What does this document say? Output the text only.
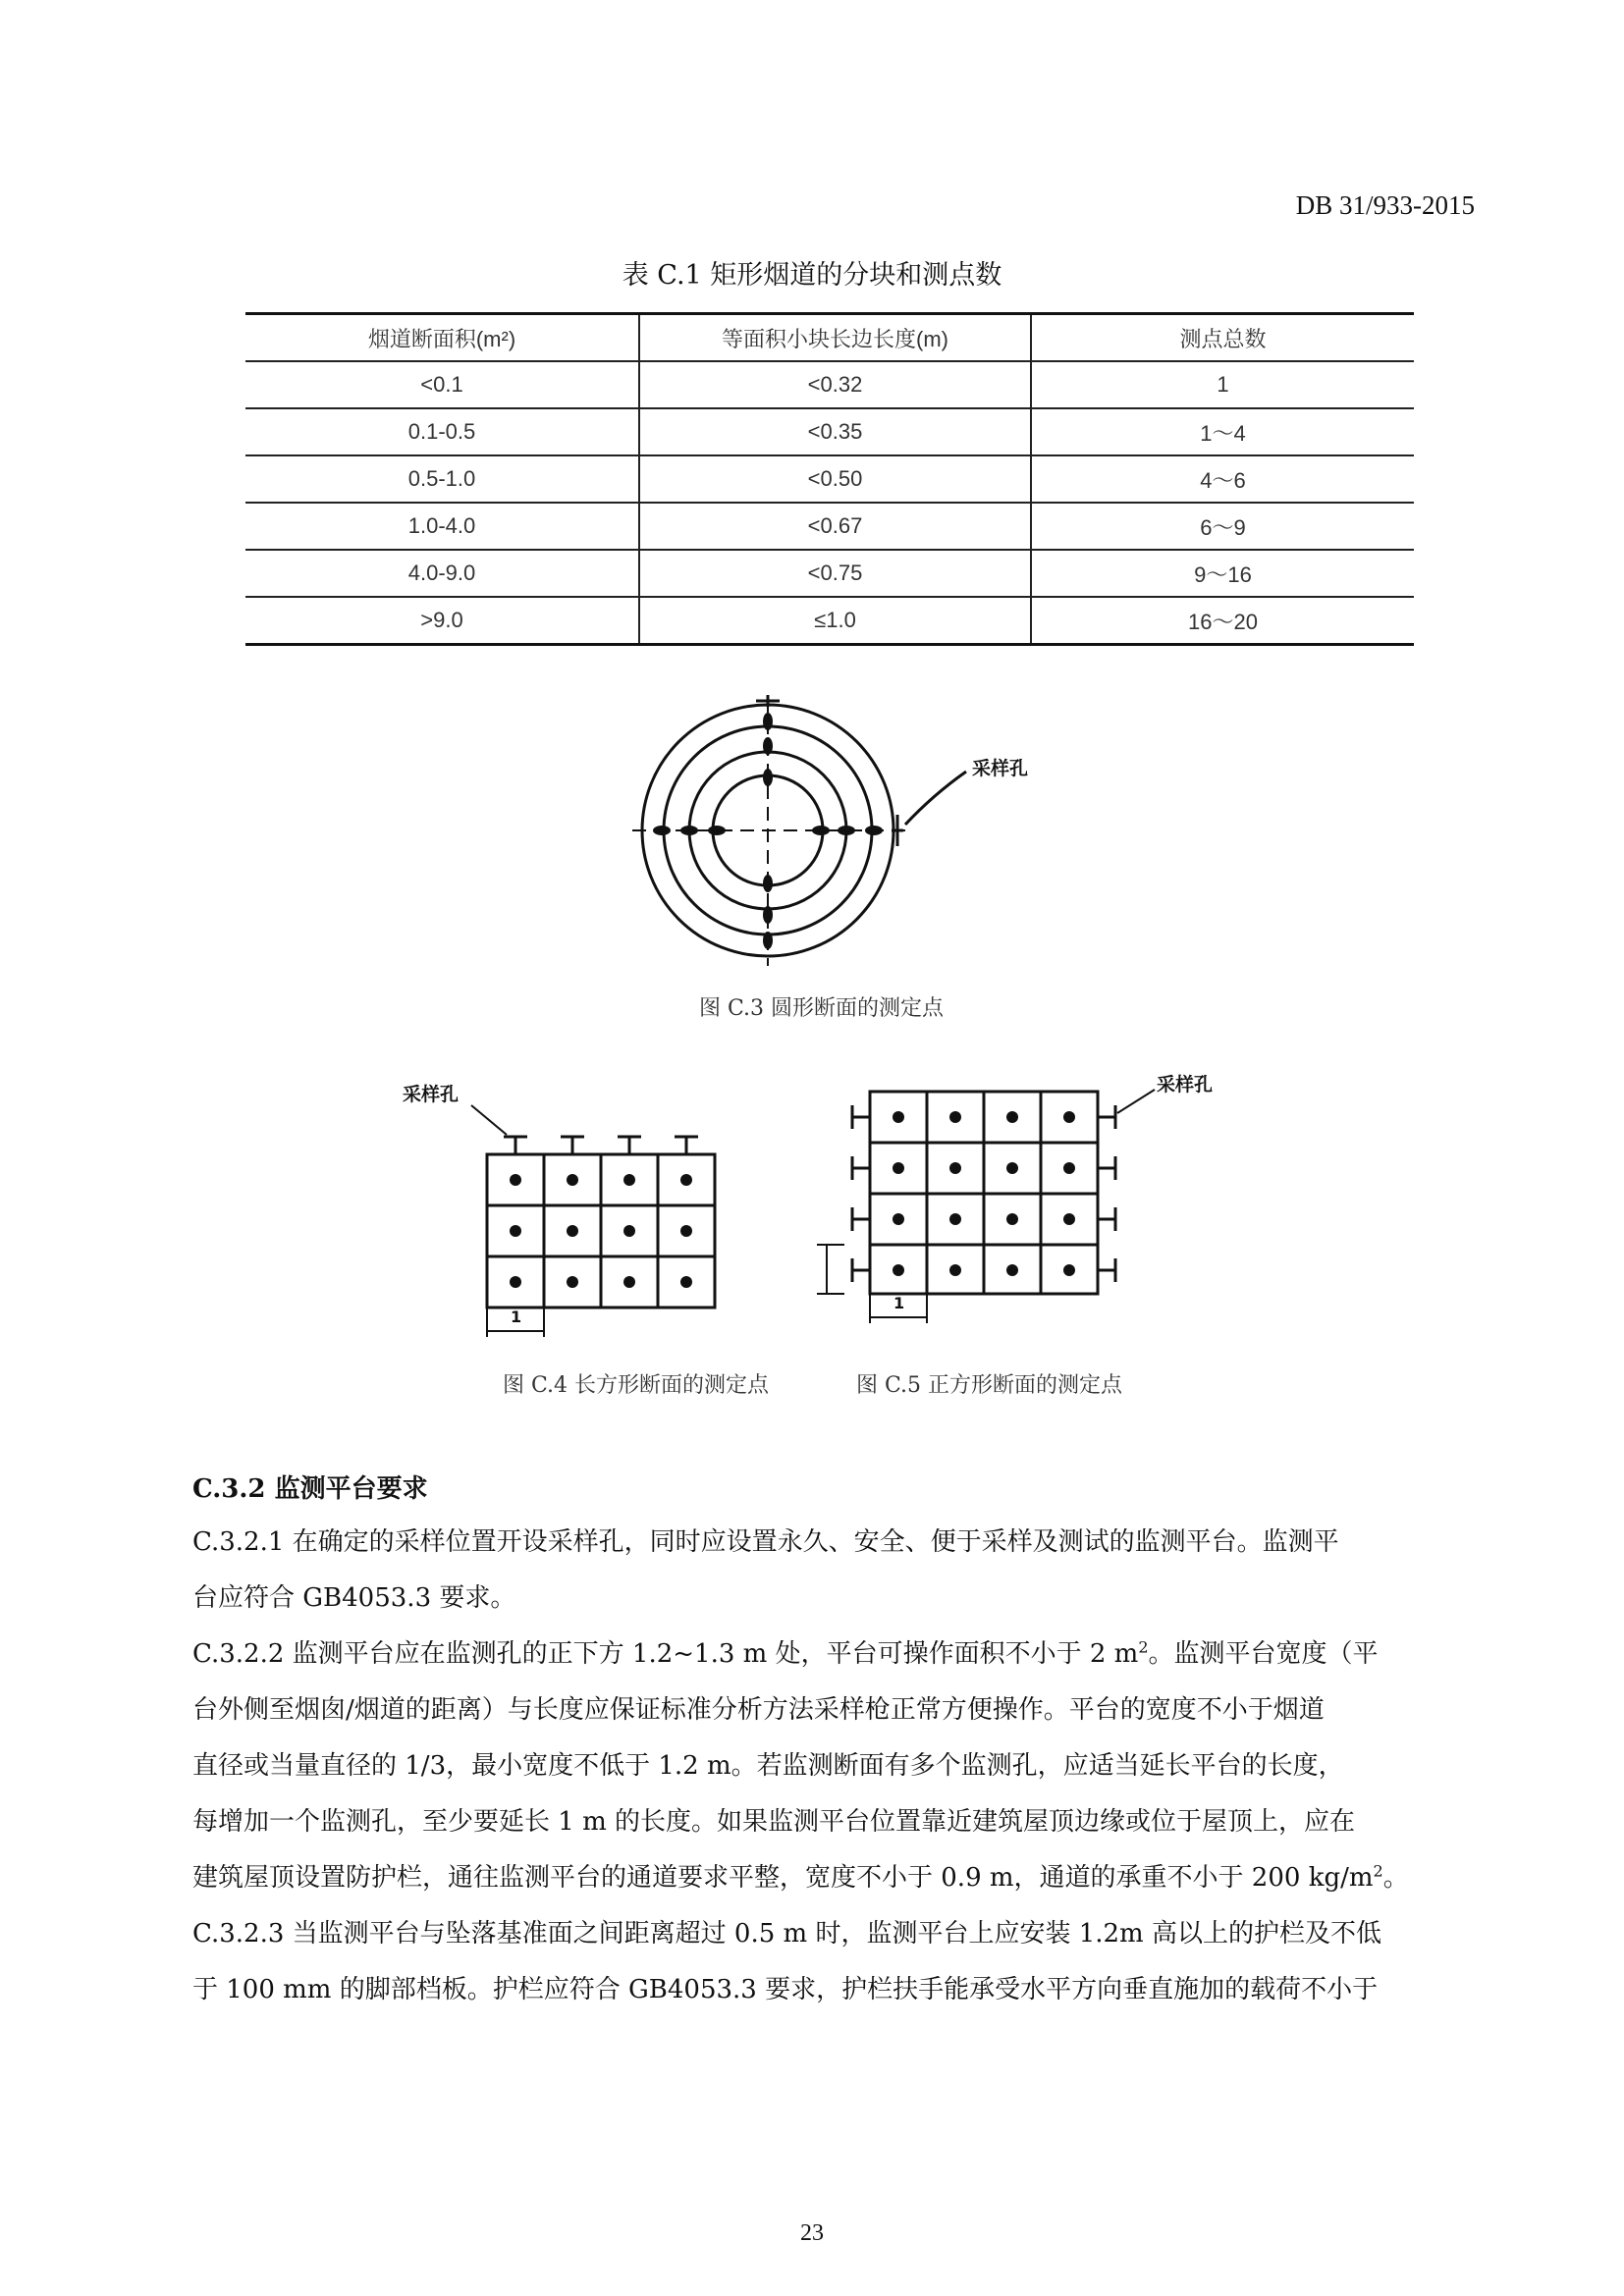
DB 31/933-2015
表 C.1 矩形烟道的分块和测点数
烟道断面积(m²)	等面积小块长边长度(m)	测点总数
<0.1	<0.32	1
0.1-0.5	<0.35	1～4
0.5-1.0	<0.50	4～6
1.0-4.0	<0.67	6～9
4.0-9.0	<0.75	9～16
>9.0	≤1.0	16～20
采样孔
图 C.3 圆形断面的测定点
采样孔
1
采样孔
1
图 C.4 长方形断面的测定点	图 C.5 正方形断面的测定点
C.3.2 监测平台要求
C.3.2.1 在确定的采样位置开设采样孔，同时应设置永久、安全、便于采样及测试的监测平台。监测平
台应符合 GB4053.3 要求。
C.3.2.2 监测平台应在监测孔的正下方 1.2~1.3 m 处，平台可操作面积不小于 2 $m^2$。监测平台宽度（平
台外侧至烟囱/烟道的距离）与长度应保证标准分析方法采样枪正常方便操作。平台的宽度不小于烟道
直径或当量直径的 1/3，最小宽度不低于 1.2 m。若监测断面有多个监测孔，应适当延长平台的长度，
每增加一个监测孔，至少要延长 1 m 的长度。如果监测平台位置靠近建筑屋顶边缘或位于屋顶上，应在
建筑屋顶设置防护栏，通往监测平台的通道要求平整，宽度不小于 0.9 m，通道的承重不小于 200 $kg/m^2$。
C.3.2.3 当监测平台与坠落基准面之间距离超过 0.5 m 时，监测平台上应安装 1.2m 高以上的护栏及不低
于 100 mm 的脚部档板。护栏应符合 GB4053.3 要求，护栏扶手能承受水平方向垂直施加的载荷不小于
23
